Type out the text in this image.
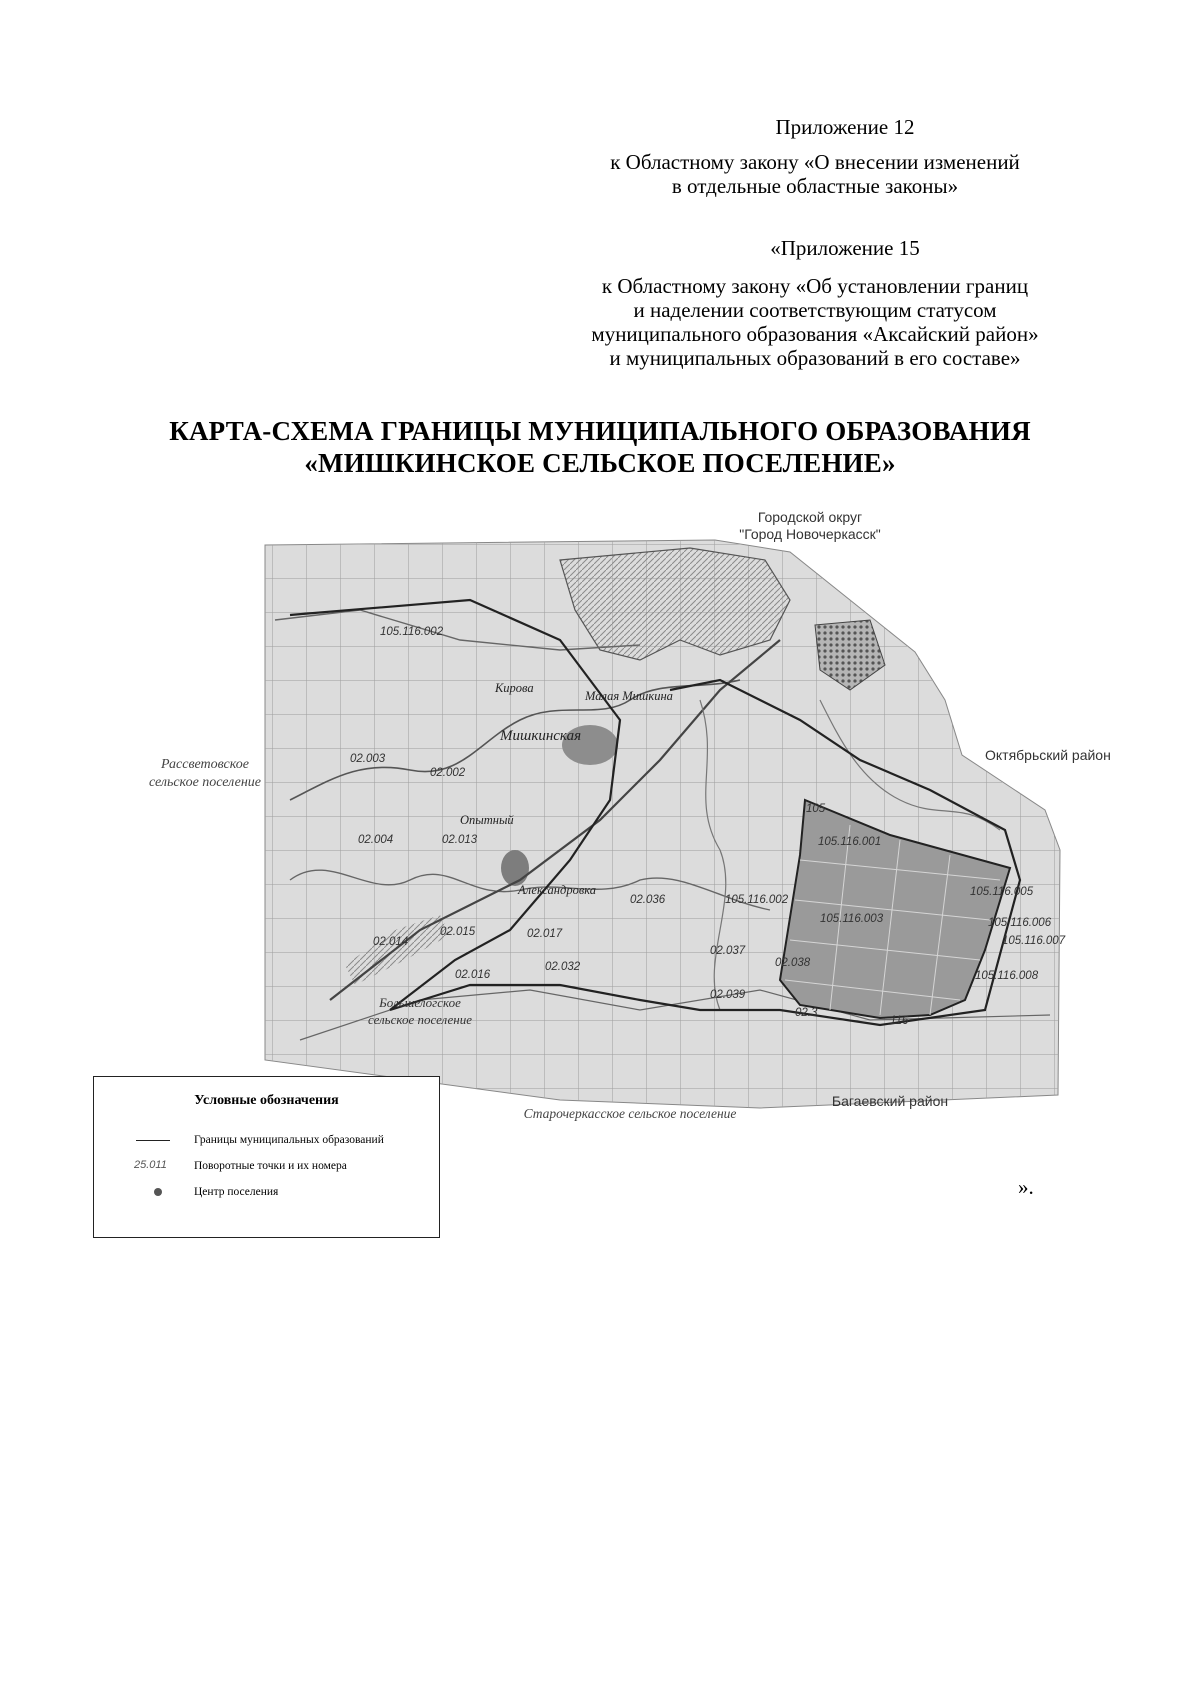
Приложение 12
к Областному закону «О внесении изменений
в отдельные областные законы»
«Приложение 15
к Областному закону «Об установлении границ
и наделении соответствующим статусом
муниципального образования «Аксайский район»
и муниципальных образований в его составе»
КАРТА-СХЕМА ГРАНИЦЫ МУНИЦИПАЛЬНОГО ОБРАЗОВАНИЯ
«МИШКИНСКОЕ СЕЛЬСКОЕ ПОСЕЛЕНИЕ»
Городской округ
"Город Новочеркасск"
Октябрьский район
Рассветовское
сельское поселение
Большелогское
сельское поселение
Старочеркасское сельское поселение
Багаевский район
Кирова
Малая Мишкина
Мишкинская
Опытный
Александровка
105.116.002
02.003
02.002
02.004	02.013
02.015
02.014
02.016
02.017
02.032
02.036
02.037
02.039
02.038
105
105.116.001
105.116.003
105.116.002
105.116.005
105.116.006
105.116.007
105.116.008
02.3
116
Условные обозначения
Границы муниципальных образований
25.011 Поворотные точки и их номера
Центр поселения	».
